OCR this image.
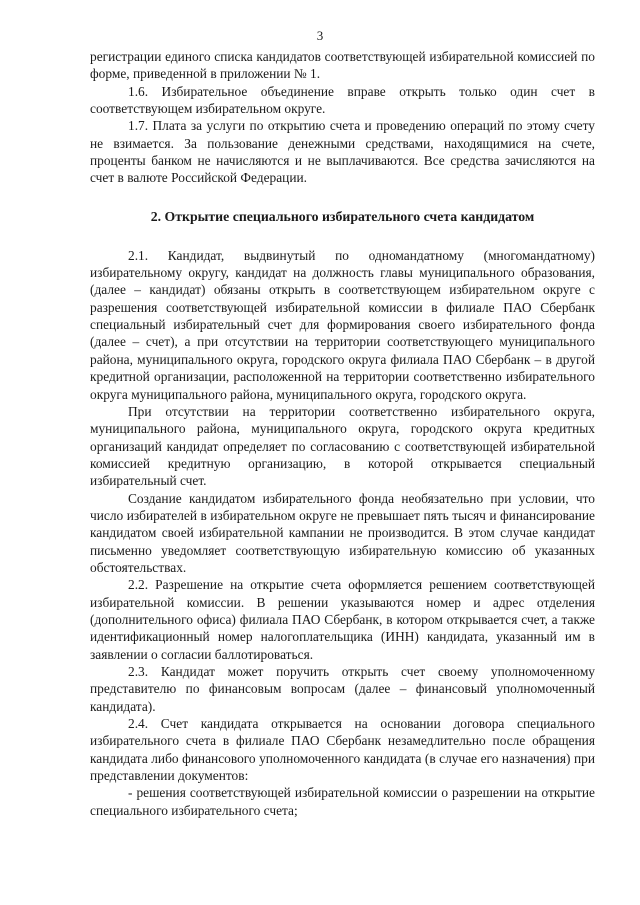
3

регистрации единого списка кандидатов соответствующей избирательной комиссией по форме, приведенной в приложении № 1.

1.6. Избирательное объединение вправе открыть только один счет в соответствующем избирательном округе.

1.7. Плата за услуги по открытию счета и проведению операций по этому счету не взимается. За пользование денежными средствами, находящимися на счете, проценты банком не начисляются и не выплачиваются. Все средства зачисляются на счет в валюте Российской Федерации.

2. Открытие специального избирательного счета кандидатом

2.1. Кандидат, выдвинутый по одномандатному (многомандатному) избирательному округу, кандидат на должность главы муниципального образования, (далее – кандидат) обязаны открыть в соответствующем избирательном округе с разрешения соответствующей избирательной комиссии в филиале ПАО Сбербанк специальный избирательный счет для формирования своего избирательного фонда (далее – счет), а при отсутствии на территории соответствующего муниципального района, муниципального округа, городского округа филиала ПАО Сбербанк – в другой кредитной организации, расположенной на территории соответственно избирательного округа муниципального района, муниципального округа, городского округа.

При отсутствии на территории соответственно избирательного округа, муниципального района, муниципального округа, городского округа кредитных организаций кандидат определяет по согласованию с соответствующей избирательной комиссией кредитную организацию, в которой открывается специальный избирательный счет.

Создание кандидатом избирательного фонда необязательно при условии, что число избирателей в избирательном округе не превышает пять тысяч и финансирование кандидатом своей избирательной кампании не производится. В этом случае кандидат письменно уведомляет соответствующую избирательную комиссию об указанных обстоятельствах.

2.2. Разрешение на открытие счета оформляется решением соответствующей избирательной комиссии. В решении указываются номер и адрес отделения (дополнительного офиса) филиала ПАО Сбербанк, в котором открывается счет, а также идентификационный номер налогоплательщика (ИНН) кандидата, указанный им в заявлении о согласии баллотироваться.

2.3. Кандидат может поручить открыть счет своему уполномоченному представителю по финансовым вопросам (далее – финансовый уполномоченный кандидата).

2.4. Счет кандидата открывается на основании договора специального избирательного счета в филиале ПАО Сбербанк незамедлительно после обращения кандидата либо финансового уполномоченного кандидата (в случае его назначения) при представлении документов:

- решения соответствующей избирательной комиссии о разрешении на открытие специального избирательного счета;
